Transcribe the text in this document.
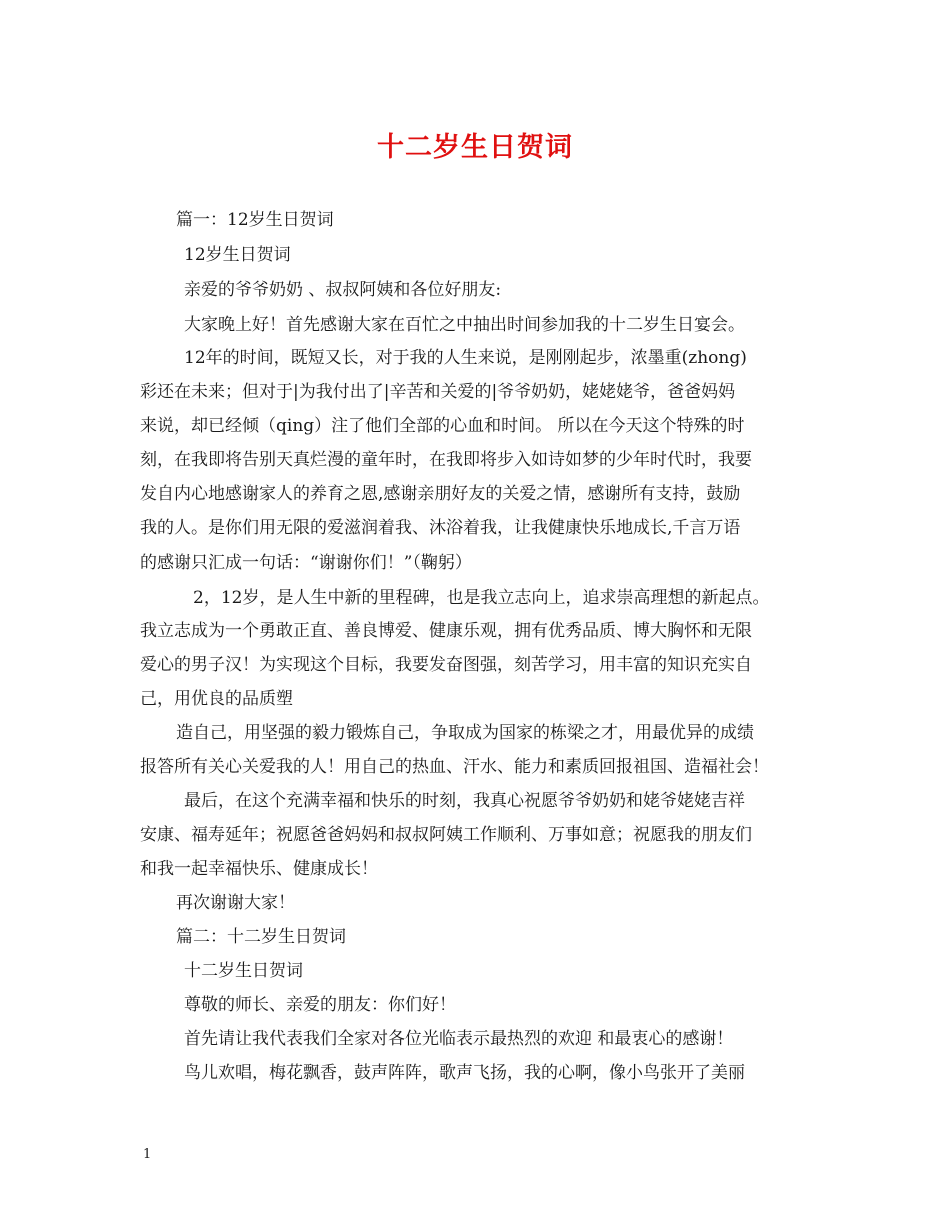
十二岁生日贺词
篇一：12岁生日贺词
12岁生日贺词
亲爱的爷爷奶奶 、叔叔阿姨和各位好朋友:
大家晚上好！首先感谢大家在百忙之中抽出时间参加我的十二岁生日宴会。
12年的时间，既短又长，对于我的人生来说，是刚刚起步，浓墨重(zhong)
彩还在未来；但对于|为我付出了|辛苦和关爱的|爷爷奶奶，姥姥姥爷，爸爸妈妈
来说，却已经倾（qing）注了他们全部的心血和时间。 所以在今天这个特殊的时
刻，在我即将告别天真烂漫的童年时，在我即将步入如诗如梦的少年时代时，我要
发自内心地感谢家人的养育之恩,感谢亲朋好友的关爱之情，感谢所有支持，鼓励
我的人。是你们用无限的爱滋润着我、沐浴着我，让我健康快乐地成长,千言万语
的感谢只汇成一句话：“谢谢你们！”（鞠躬）
2，12岁，是人生中新的里程碑，也是我立志向上，追求崇高理想的新起点。
我立志成为一个勇敢正直、善良博爱、健康乐观，拥有优秀品质、博大胸怀和无限
爱心的男子汉！为实现这个目标，我要发奋图强，刻苦学习，用丰富的知识充实自
己，用优良的品质塑
造自己，用坚强的毅力锻炼自己，争取成为国家的栋梁之才，用最优异的成绩
报答所有关心关爱我的人！用自己的热血、汗水、能力和素质回报祖国、造福社会！
最后，在这个充满幸福和快乐的时刻，我真心祝愿爷爷奶奶和姥爷姥姥吉祥
安康、福寿延年；祝愿爸爸妈妈和叔叔阿姨工作顺利、万事如意；祝愿我的朋友们
和我一起幸福快乐、健康成长！
再次谢谢大家！
篇二：十二岁生日贺词
十二岁生日贺词
尊敬的师长、亲爱的朋友：你们好！
首先请让我代表我们全家对各位光临表示最热烈的欢迎 和最衷心的感谢！
鸟儿欢唱，梅花飘香，鼓声阵阵，歌声飞扬，我的心啊，像小鸟张开了美丽
1
